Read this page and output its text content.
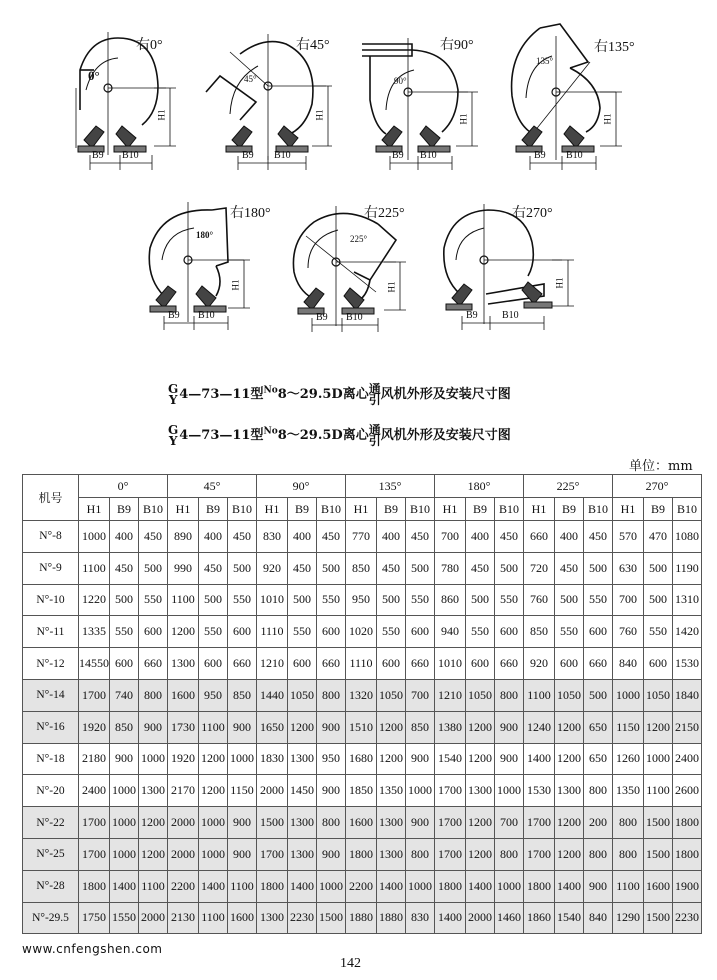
右0°
0°
H1
B9 B10
右45°
45°
H1
B9 B10
右90°
90°
H1
B9 B10
右135°
135°
H1
B9 B10
右180°
180°
H1
B9 B10
右225°
225°
H1
B9 B10
右270°
H1
B9 B10
G
Y 4—73—11型$^{No}$8～29.5D离心 通
引 风机外形及安装尺寸图
G
Y 4—73—11型$^{No}$8～29.5D离心 通
引 风机外形及安装尺寸图
单位：mm
机号	0°			45°			90°			135°			180°			225°			270°		
	H1	B9	B10	H1	B9	B10	H1	B9	B10	H1	B9	B10	H1	B9	B10	H1	B9	B10	H1	B9	B10
N°-8	1000	400	450	890	400	450	830	400	450	770	400	450	700	400	450	660	400	450	570	470	1080
N°-9	1100	450	500	990	450	500	920	450	500	850	450	500	780	450	500	720	450	500	630	500	1190
N°-10	1220	500	550	1100	500	550	1010	500	550	950	500	550	860	500	550	760	500	550	700	500	1310
N°-11	1335	550	600	1200	550	600	1110	550	600	1020	550	600	940	550	600	850	550	600	760	550	1420
N°-12	14550	600	660	1300	600	660	1210	600	660	1110	600	660	1010	600	660	920	600	660	840	600	1530
N°-14	1700	740	800	1600	950	850	1440	1050	800	1320	1050	700	1210	1050	800	1100	1050	500	1000	1050	1840
N°-16	1920	850	900	1730	1100	900	1650	1200	900	1510	1200	850	1380	1200	900	1240	1200	650	1150	1200	2150
N°-18	2180	900	1000	1920	1200	1000	1830	1300	950	1680	1200	900	1540	1200	900	1400	1200	650	1260	1000	2400
N°-20	2400	1000	1300	2170	1200	1150	2000	1450	900	1850	1350	1000	1700	1300	1000	1530	1300	800	1350	1100	2600
N°-22	1700	1000	1200	2000	1000	900	1500	1300	800	1600	1300	900	1700	1200	700	1700	1200	200	800	1500	1800
N°-25	1700	1000	1200	2000	1000	900	1700	1300	900	1800	1300	800	1700	1200	800	1700	1200	800	800	1500	1800
N°-28	1800	1400	1100	2200	1400	1100	1800	1400	1000	2200	1400	1000	1800	1400	1000	1800	1400	900	1100	1600	1900
N°-29.5	1750	1550	2000	2130	1100	1600	1300	2230	1500	1880	1880	830	1400	2000	1460	1860	1540	840	1290	1500	2230
www.cnfengshen.com
142
